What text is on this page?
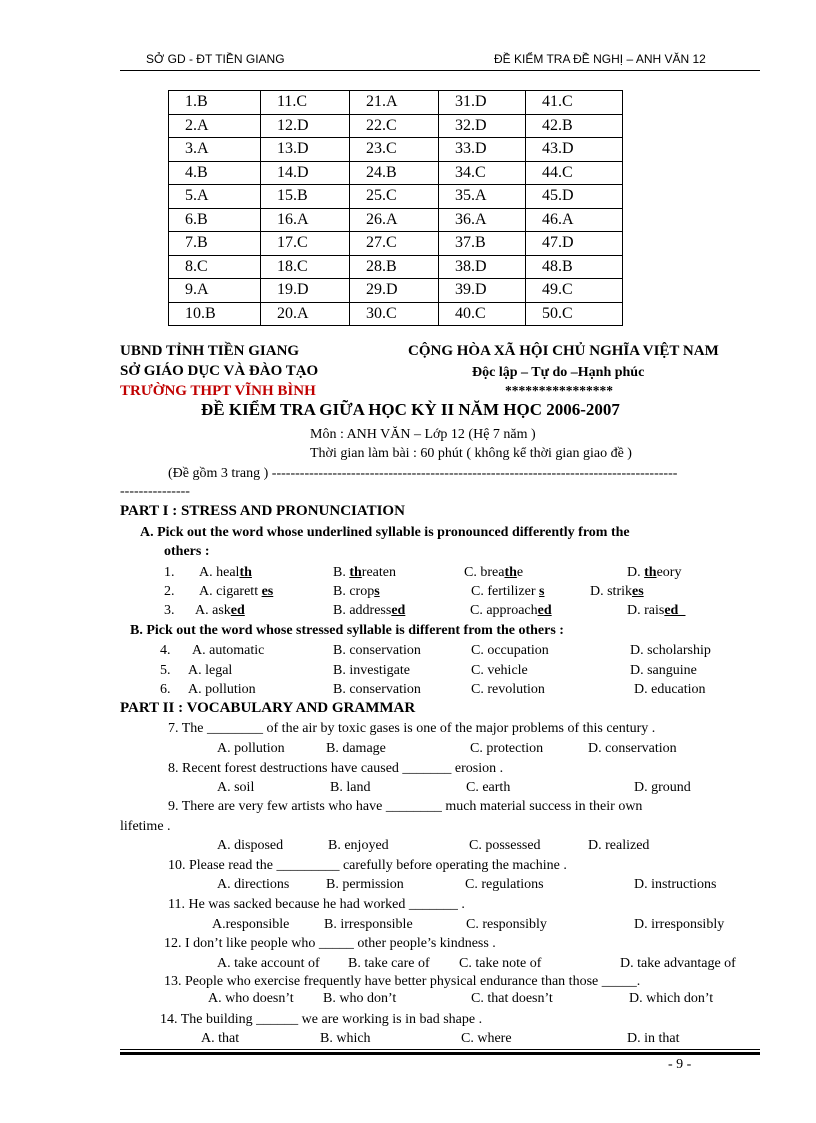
SỞ GD - ĐT TIỀN GIANG	ĐỀ KIỂM TRA ĐỀ NGHỊ – ANH VĂN 12
1.B	11.C	21.A	31.D	41.C
2.A	12.D	22.C	32.D	42.B
3.A	13.D	23.C	33.D	43.D
4.B	14.D	24.B	34.C	44.C
5.A	15.B	25.C	35.A	45.D
6.B	16.A	26.A	36.A	46.A
7.B	17.C	27.C	37.B	47.D
8.C	18.C	28.B	38.D	48.B
9.A	19.D	29.D	39.D	49.C
10.B	20.A	30.C	40.C	50.C
UBND TỈNH TIỀN GIANG
SỞ GIÁO DỤC VÀ ĐÀO TẠO
TRƯỜNG THPT VĨNH BÌNH
CỘNG HÒA XÃ HỘI CHỦ NGHĨA VIỆT NAM
Độc lập – Tự do –Hạnh phúc
****************
ĐỀ KIỂM TRA GIỮA HỌC KỲ II NĂM HỌC 2006-2007
Môn : ANH VĂN – Lớp 12 (Hệ 7 năm )
Thời gian làm bài : 60 phút ( không kể thời gian giao đề )
(Đề gồm 3 trang ) ---------------------------------------------------------------------------------------
---------------
PART I : STRESS AND PRONUNCIATION
A. Pick out the word whose underlined syllable is pronounced differently from the
others :
1. A. health	B. threaten	C. breathe	D. theory
2. A. cigarett es	B. crops	C. fertilizer s	D. strikes
3. A. asked	B. addressed	C. approached	D. raised_
B. Pick out the word whose stressed syllable is different from the others :
4. A. automatic	B. conservation	C. occupation	D. scholarship
5. A. legal	B. investigate	C. vehicle	D. sanguine
6. A. pollution	B. conservation	C. revolution	D. education
PART II : VOCABULARY AND GRAMMAR
7. The ________ of the air by toxic gases is one of the major problems of this century .
A. pollution	B. damage	C. protection	D. conservation
8. Recent forest destructions have caused _______ erosion .
A. soil	B. land	C. earth	D. ground
9. There are very few artists who have ________ much material success in their own
lifetime .
A. disposed	B. enjoyed	C. possessed	D. realized
10. Please read the _________ carefully before operating the machine .
A. directions	B. permission	C. regulations	D. instructions
11. He was sacked because he had worked _______ .
A.responsible B. irresponsible	C. responsibly	D. irresponsibly
12. I don’t like people who _____ other people’s kindness .
A. take account of B. take care of C. take note of	D. take advantage of
13. People who exercise frequently have better physical endurance than those _____.
A. who doesn’t B. who don’t	C. that doesn’t	D. which don’t
14. The building ______ we are working is in bad shape .
A. that	B. which	C. where	D. in that
- 9 -
